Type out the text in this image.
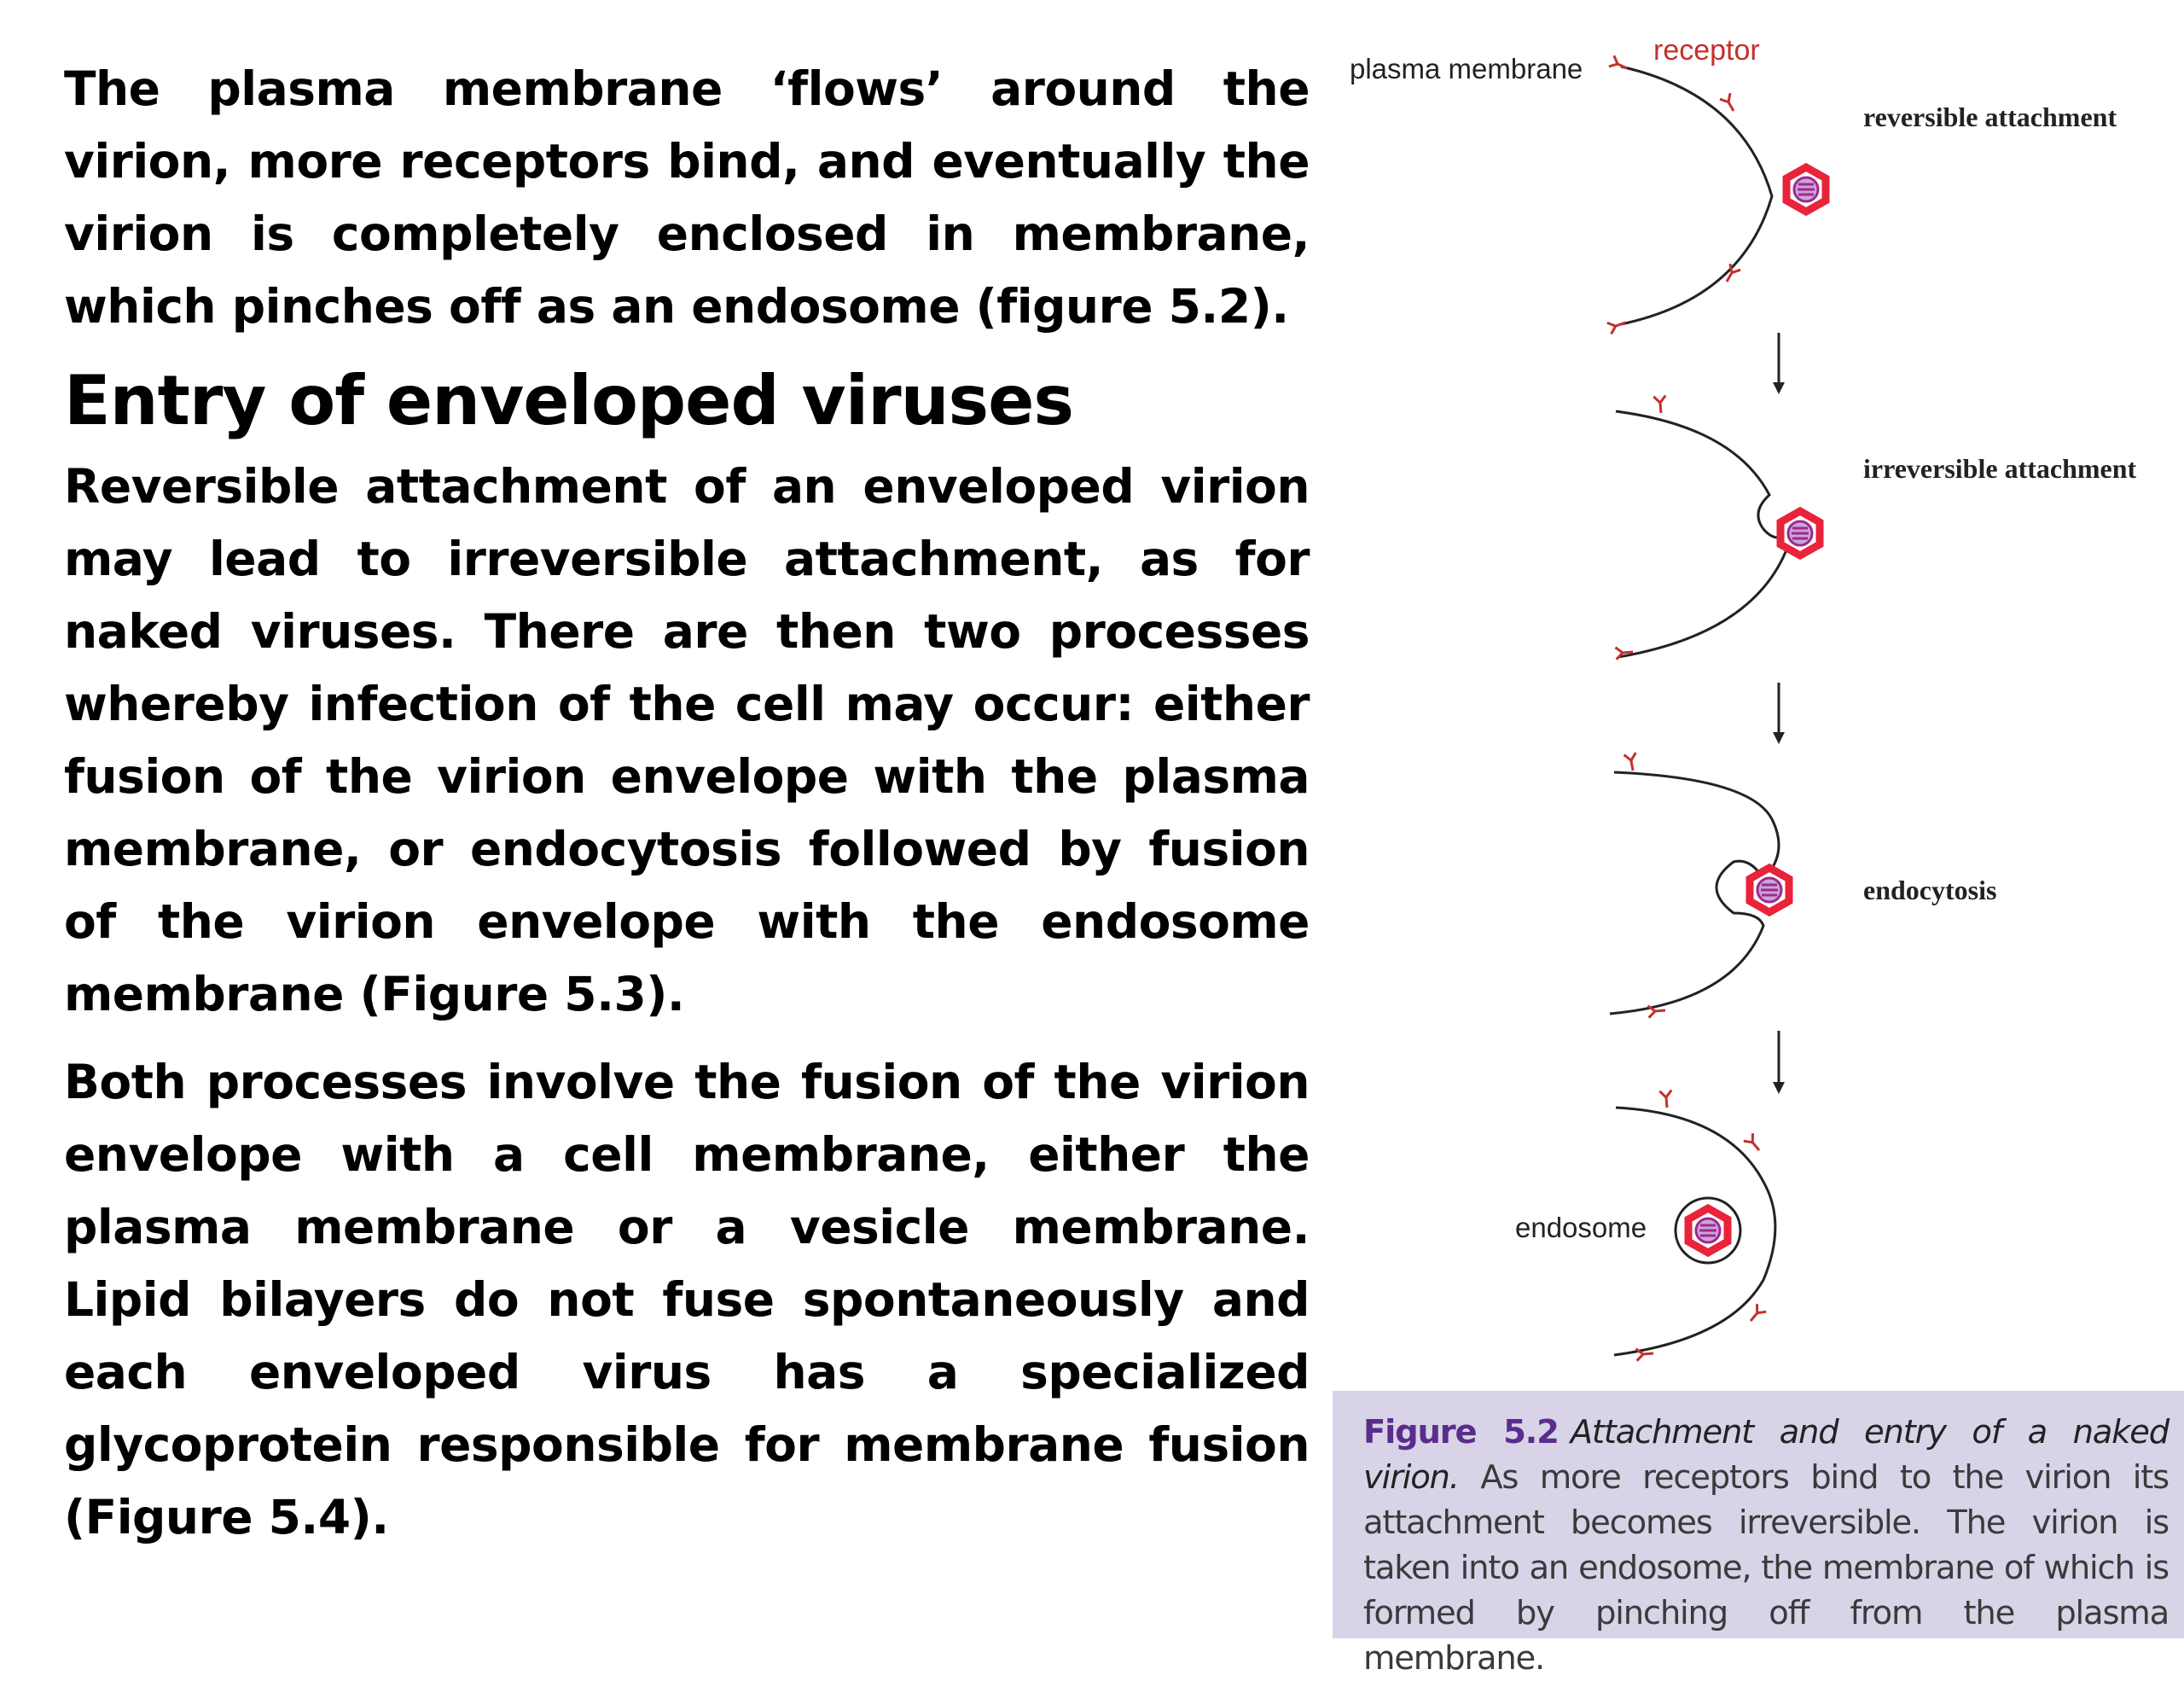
The plasma membrane ‘flows’ around the virion, more receptors bind, and eventually the virion is completely enclosed in membrane, which pinches off as an endosome (figure 5.2).

Entry of enveloped viruses

Reversible attachment of an enveloped virion may lead to irreversible attachment, as for naked viruses. There are then two processes whereby infection of the cell may occur: either fusion of the virion envelope with the plasma membrane, or endocytosis followed by fusion of the virion envelope with the endosome membrane (Figure 5.3).

Both processes involve the fusion of the virion envelope with a cell membrane, either the plasma membrane or a vesicle membrane. Lipid bilayers do not fuse spontaneously and each enveloped virus has a specialized glycoprotein responsible for membrane fusion (Figure 5.4).

plasma membrane
receptor
reversible attachment
irreversible attachment
endocytosis
endosome

Figure 5.2 Attachment and entry of a naked virion. As more receptors bind to the virion its attachment becomes irreversible. The virion is taken into an endosome, the membrane of which is formed by pinching off from the plasma membrane.
